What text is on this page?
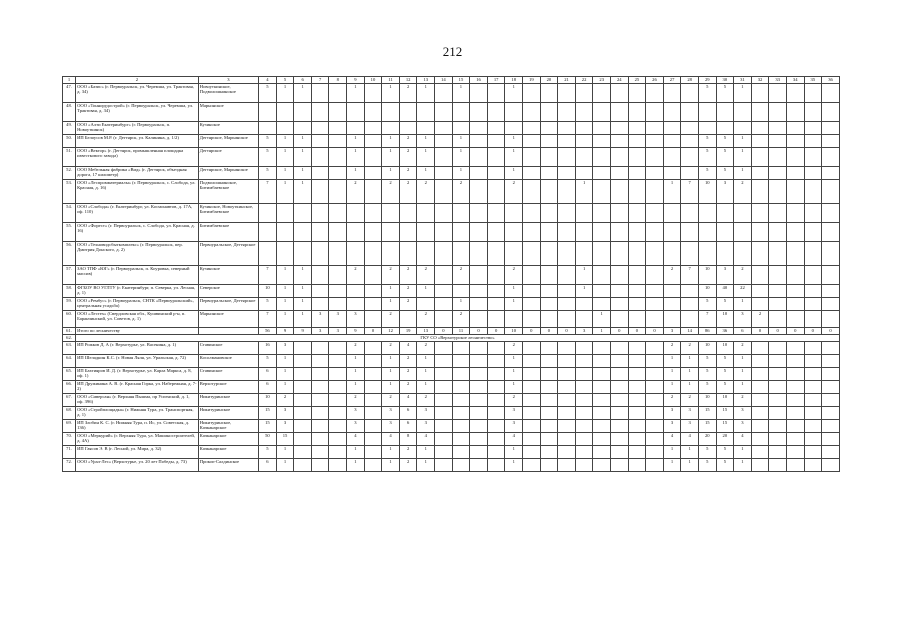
212
1	2	3	4	5	6	7	8	9	10	11	12	13	14	15	16	17	18	19	20	21	22	23	24	25	26	27	28	29	30	31	32	33	34	35	36
47.	ООО «Базис» (г. Первоуральск, ул. Черемша, ул. Трактовая, д. 34)	Новоуткинское, Подволошнинское	5	1	1			1		1	2	1		1			1											5	5	1					
48.	ООО «Тоннорудострой» (г. Первоуральск, ул. Черемша, ул. Трактовая, д. 34)	Марьинское																																	
49.	ООО «Алти Екатеринбург» (г. Первоуральск, п. Новоуткинск)	Кузинское																																	
50.	ИП Белоусов М.Р. (г. Дегтярск, ул. Калинина, д. 1/2)	Дегтярское, Марьинское	5	1	1			1		1	2	1		1			1											5	5	1					
51.	ООО «Вектор» (г. Дегтярск, промышленная площадка известкового завода)	Дегтярское	5	1	1			1		1	2	1		1			1											5	5	1					
52.	ООО Мебельная фабрика «Вид» (г. Дегтярск, объездная дорога, 17 километр)	Дегтярское, Марьинское	5	1	1			1		1	2	1		1			1											5	5	1					
53.	ООО «Леспромматериалы» (г. Первоуральск, с. Слобода, ул. Красная, д. 16)	Подволошнинское, Битимбаевское	7	1	1			2		2	2	2		2			2				1					1	7	10	3	2					
54.	ООО «Слобода» (г. Екатеринбург, ул. Космонавтов, д. 17А, оф. 110)	Кузинское, Новоуткинское, Битимбаевское																																	
55.	ООО «Форест» (г. Первоуральск, с. Слобода, ул. Красная, д. 16)	Битимбаевское																																	
56.	ООО «Техновидсбыткомплекс» (г. Первоуральск, пер. Дмитрия Донского, д. 2)	Первоуральское, Дегтярское																																	
57.	ЗАО ТПФ «ЮГ» (г. Первоуральск, п. Коуровка, северный массив)	Кузинское	7	1	1			2		2	2	2		2			2				1					2	7	10	3	2					
58.	ФГБОУ ВО УГЛТУ (г. Екатеринбург, п. Северка, ул. Лесная, д. 1)	Северское	10	1	1					1	2	1					1				1							10	40	22					
59.	ООО «Рембус» (г. Первоуральск, СНТК «Первоуральский», центральная усадьба)	Первоуральское, Дегтярское	5	1	1					1	2			1			1											5	5	1					
60.	ООО «Лестех» (Свердловская обл., Кушвинский р-н, п. Баранчинский, ул. Советов, д. 1)	Марьинское	7	1	1	3	3	3		2		2		2								1						7	10	3	2				
61.	Итого по лесничеству		56	9	9	3	3	9	0	12	19	13	0	11	0	0	10	0	0	0	3	1	0	0	0	3	14	86	36	6	0	0	0	0	0
62.	ГКУ СО «Верхотурское лесничество»																																		
63.	ИП Рожков Д. А (г. Верхотурье, ул. Васенина, д. 1)	Ставинское	16	3				2		2	4	2					2									2	2	10	10	2					
64.	ИП Шеладкин К.С. (г. Новая Ляля, ул. Уральская, д. 72)	Косолмановское	5	1				1		1	2	1					1									1	1	5	5	1					
65.	ИП Бахтияров И. Д. (г. Верхотурье, ул. Карла Маркса, д. 8, оф. 1)	Ставинское	6	1				1		1	2	1					1									1	1	5	5	1					
66.	ИП Дружинина А. В. (г. Красная Горка, ул. Набережная, д. 7-2)	Верхотурское	6	1				1		1	2	1					1									1	1	5	5	1					
67.	ООО «Сиверсан» (г. Верхняя Пышма, пр Успенский, д. 1, оф. 396)	Никитуринское	10	2				2		2	4	2					2									2	2	10	10	2					
68.	ООО «Стройплощадка» (г. Нижняя Тура, ул. Транспортная, д. 1)	Никитуринское	15	3				3		3	6	3					3									3	3	15	15	3					
69.	ИП Злобин К. С. (г. Нижняя Тура, п. Ис, ул. Советская, д. 136)	Никитуринское, Качканарское	15	3				3		3	6	3					3									3	3	15	15	3					
70.	ООО «Меркурий» (г. Верхняя Тура, ул. Машиностроителей, д. 4А)	Качканарское	50	15				4		4	8	4					4									4	4	20	20	4					
71.	ИП Гаясов Э. В (г. Лесной, ул. Мира, д. 32)	Качканарское	5	1				1		1	2	1					1									1	1	5	5	1					
72.	ООО «Урал-Лес» (Верхотурье, ул. 20 лет Победы, д. 73)	Прокоп-Салдинское	6	1				1		1	2	1					1									1	1	5	5	1					
